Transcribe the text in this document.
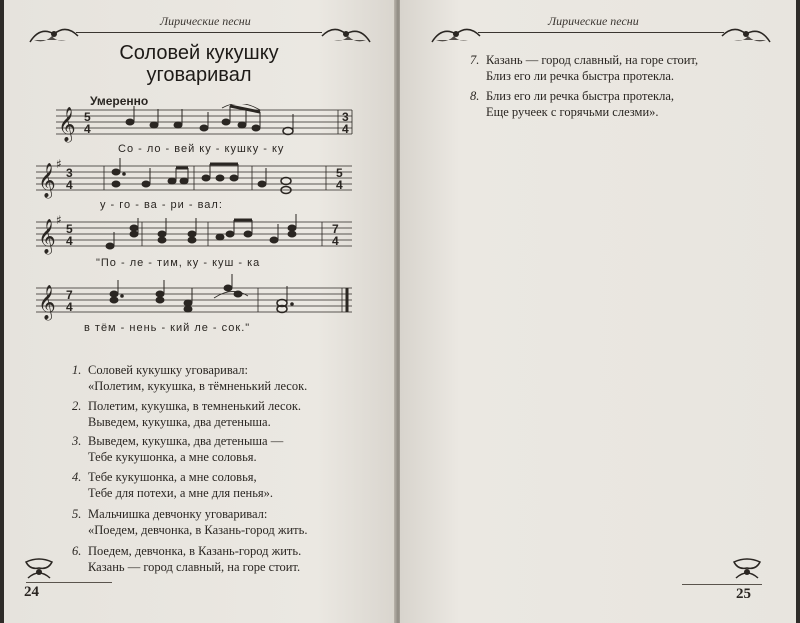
Лирические песни
Соловей кукушку
уговаривал
Умеренно
𝄞
𝄞
𝄞
𝄞
♯
♯
5
4
3
4
3
4
5
4
5
4
7
4
7
4
Со - ло - вей ку - кушку - ку
у - го - ва - ри - вал:
"По - ле - тим, ку - куш - ка
в тём - нень - кий ле - сок."
1. Соловей кукушку уговаривал:
«Полетим, кукушка, в тёмненький лесок.
2. Полетим, кукушка, в темненький лесок.
Выведем, кукушка, два детеныша.
3. Выведем, кукушка, два детеныша —
Тебе кукушонка, а мне соловья.
4. Тебе кукушонка, а мне соловья,
Тебе для потехи, а мне для пенья».
5. Мальчишка девчонку уговаривал:
«Поедем, девчонка, в Казань-город жить.
6. Поедем, девчонка, в Казань-город жить.
Казань — город славный, на горе стоит.
24
Лирические песни
7. Казань — город славный, на горе стоит,
Близ его ли речка быстра протекла.
8. Близ его ли речка быстра протекла,
Еще ручеек с горячьми слезми».
25
